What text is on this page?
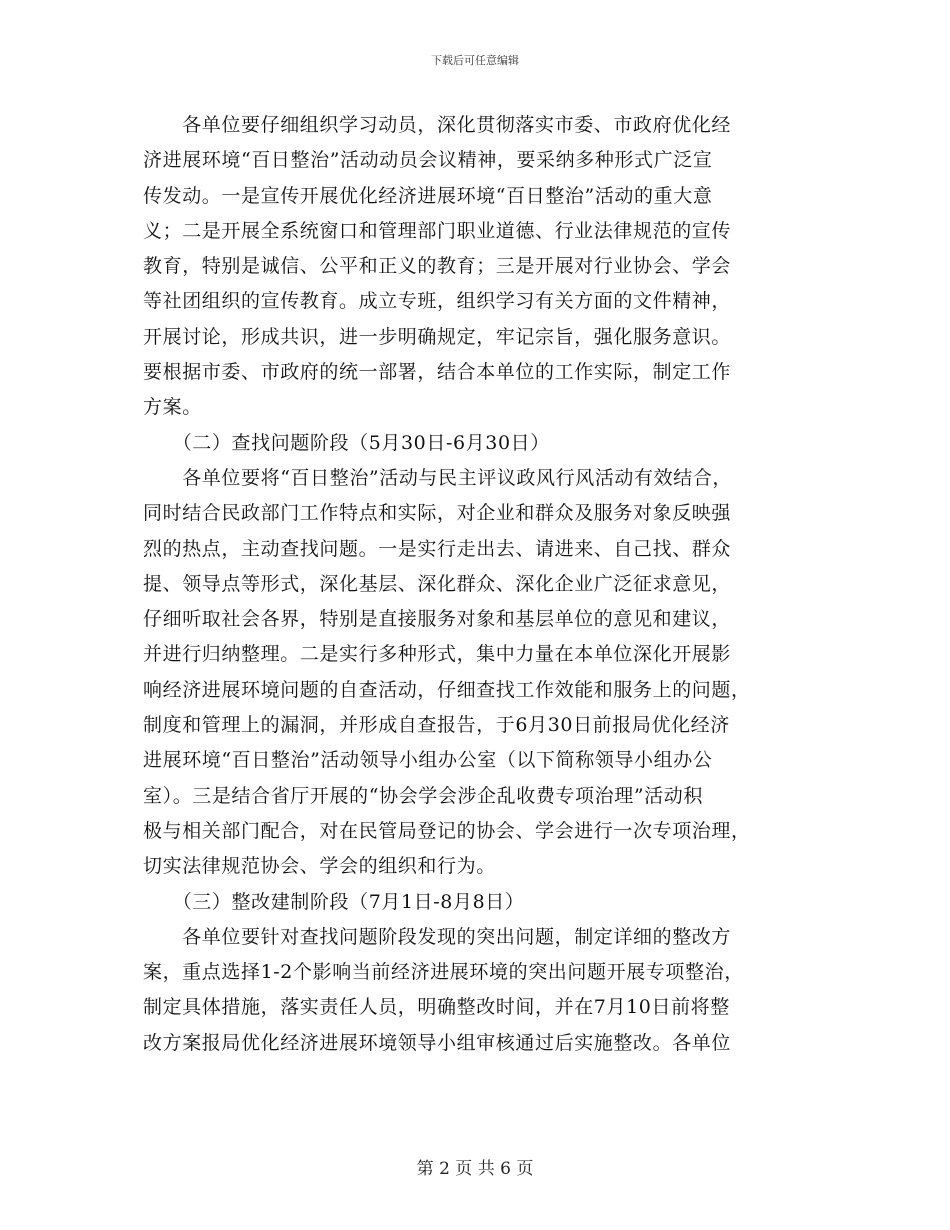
下载后可任意编辑
　　各单位要仔细组织学习动员，深化贯彻落实市委、市政府优化经
济进展环境“百日整治”活动动员会议精神，要采纳多种形式广泛宣
传发动。一是宣传开展优化经济进展环境“百日整治”活动的重大意
义；二是开展全系统窗口和管理部门职业道德、行业法律规范的宣传
教育，特别是诚信、公平和正义的教育；三是开展对行业协会、学会
等社团组织的宣传教育。成立专班，组织学习有关方面的文件精神，
开展讨论，形成共识，进一步明确规定，牢记宗旨，强化服务意识。
要根据市委、市政府的统一部署，结合本单位的工作实际，制定工作
方案。
　　（二）查找问题阶段（5月30日-6月30日）
　　各单位要将“百日整治”活动与民主评议政风行风活动有效结合，
同时结合民政部门工作特点和实际，对企业和群众及服务对象反映强
烈的热点，主动查找问题。一是实行走出去、请进来、自己找、群众
提、领导点等形式，深化基层、深化群众、深化企业广泛征求意见，
仔细听取社会各界，特别是直接服务对象和基层单位的意见和建议，
并进行归纳整理。二是实行多种形式，集中力量在本单位深化开展影
响经济进展环境问题的自查活动，仔细查找工作效能和服务上的问题，
制度和管理上的漏洞，并形成自查报告，于6月30日前报局优化经济
进展环境“百日整治”活动领导小组办公室（以下简称领导小组办公
室）。三是结合省厅开展的“协会学会涉企乱收费专项治理”活动积
极与相关部门配合，对在民管局登记的协会、学会进行一次专项治理，
切实法律规范协会、学会的组织和行为。
　　（三）整改建制阶段（7月1日-8月8日）
　　各单位要针对查找问题阶段发现的突出问题，制定详细的整改方
案，重点选择1-2个影响当前经济进展环境的突出问题开展专项整治，
制定具体措施，落实责任人员，明确整改时间，并在7月10日前将整
改方案报局优化经济进展环境领导小组审核通过后实施整改。各单位
第 2 页 共 6 页
